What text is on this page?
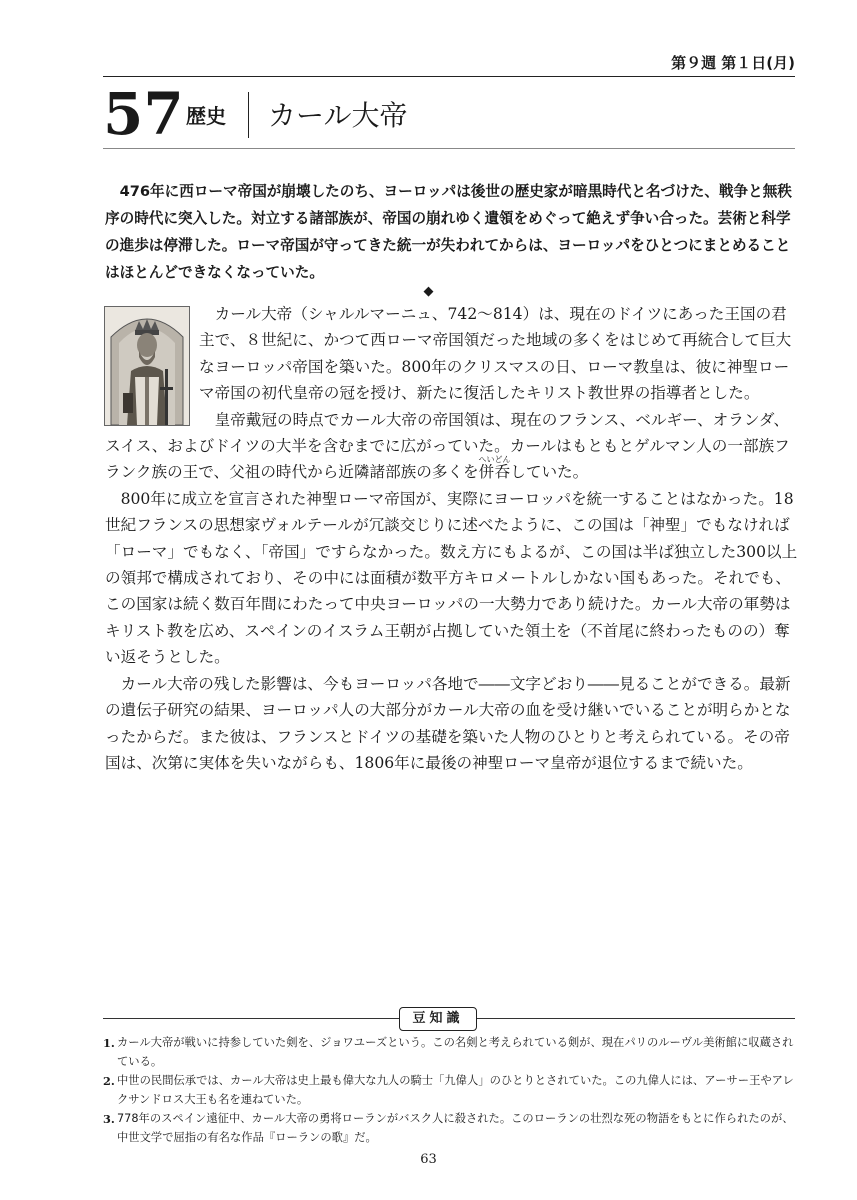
第９週 第１日(月)
57 歴史 カール大帝

476年に西ローマ帝国が崩壊したのち、ヨーロッパは後世の歴史家が暗黒時代と名づけた、戦争と無秩序の時代に突入した。対立する諸部族が、帝国の崩れゆく遺領をめぐって絶えず争い合った。芸術と科学の進歩は停滞した。ローマ帝国が守ってきた統一が失われてからは、ヨーロッパをひとつにまとめることはほとんどできなくなっていた。

◆

カール大帝（シャルルマーニュ、742〜814）は、現在のドイツにあった王国の君主で、８世紀に、かつて西ローマ帝国領だった地域の多くをはじめて再統合して巨大なヨーロッパ帝国を築いた。800年のクリスマスの日、ローマ教皇は、彼に神聖ローマ帝国の初代皇帝の冠を授け、新たに復活したキリスト教世界の指導者とした。

皇帝戴冠の時点でカール大帝の帝国領は、現在のフランス、ベルギー、オランダ、スイス、およびドイツの大半を含むまでに広がっていた。カールはもともとゲルマン人の一部族フランク族の王で、父祖の時代から近隣諸部族の多くを併呑へいどんしていた。

800年に成立を宣言された神聖ローマ帝国が、実際にヨーロッパを統一することはなかった。18世紀フランスの思想家ヴォルテールが冗談交じりに述べたように、この国は「神聖」でもなければ「ローマ」でもなく、「帝国」ですらなかった。数え方にもよるが、この国は半ば独立した300以上の領邦で構成されており、その中には面積が数平方キロメートルしかない国もあった。それでも、この国家は続く数百年間にわたって中央ヨーロッパの一大勢力であり続けた。カール大帝の軍勢はキリスト教を広め、スペインのイスラム王朝が占拠していた領土を（不首尾に終わったものの）奪い返そうとした。

カール大帝の残した影響は、今もヨーロッパ各地で――文字どおり――見ることができる。最新の遺伝子研究の結果、ヨーロッパ人の大部分がカール大帝の血を受け継いでいることが明らかとなったからだ。また彼は、フランスとドイツの基礎を築いた人物のひとりと考えられている。その帝国は、次第に実体を失いながらも、1806年に最後の神聖ローマ皇帝が退位するまで続いた。

豆知識
1. カール大帝が戦いに持参していた剣を、ジョワユーズという。この名剣と考えられている剣が、現在パリのルーヴル美術館に収蔵されている。
2. 中世の民間伝承では、カール大帝は史上最も偉大な九人の騎士「九偉人」のひとりとされていた。この九偉人には、アーサー王やアレクサンドロス大王も名を連ねていた。
3. 778年のスペイン遠征中、カール大帝の勇将ローランがバスク人に殺された。このローランの壮烈な死の物語をもとに作られたのが、中世文学で屈指の有名な作品『ローランの歌』だ。
63
